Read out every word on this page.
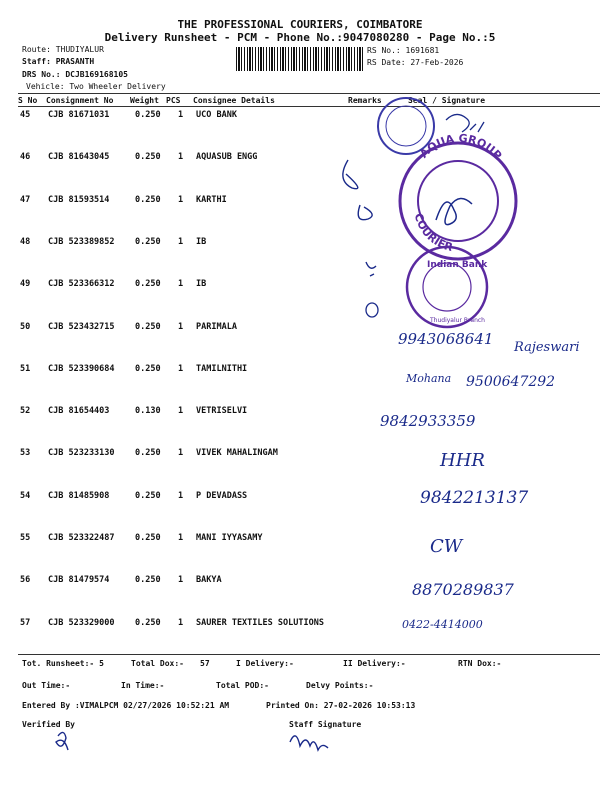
THE PROFESSIONAL COURIERS, COIMBATORE
Delivery Runsheet - PCM - Phone No.:9047080280 - Page No.:5
Route: THUDIYALUR
Staff: PRASANTH
DRS No.: DCJB169168105
Vehicle: Two Wheeler Delivery
RS No.: 1691681
RS Date: 27-Feb-2026
S No Consignment No Weight PCS Consignee Details	Remarks	Seal / Signature
45 CJB 81671031	0.250 1 UCO BANK
46 CJB 81643045	0.250 1 AQUASUB ENGG
47 CJB 81593514	0.250 1 KARTHI
48 CJB 523389852 0.250 1 IB
49 CJB 523366312 0.250 1 IB
50 CJB 523432715 0.250 1 PARIMALA
51 CJB 523390684 0.250 1 TAMILNITHI
52 CJB 81654403	0.130 1 VETRISELVI
53 CJB 523233130 0.250 1 VIVEK MAHALINGAM
54 CJB 81485908	0.250 1 P DEVADASS
55 CJB 523322487 0.250 1 MANI IYYASAMY
56 CJB 81479574	0.250 1 BAKYA
57 CJB 523329000 0.250 1 SAURER TEXTILES SOLUTIONS
AQUA GROUP
COURIER
Indian Bank
Thudiyalur Branch
9943068641 Rajeswari
Mohana 9500647292
9842933359
HHR
9842213137
CW
8870289837
0422-4414000
Tot. Runsheet:- 5	Total Dox:- 57	I Delivery:-	II Delivery:-	RTN Dox:-
Out Time:-	In Time:-	Total POD:-	Delvy Points:-
Entered By :VIMALPCM 02/27/2026 10:52:21 AM	Printed On: 27-02-2026 10:53:13
Verified By	Staff Signature
